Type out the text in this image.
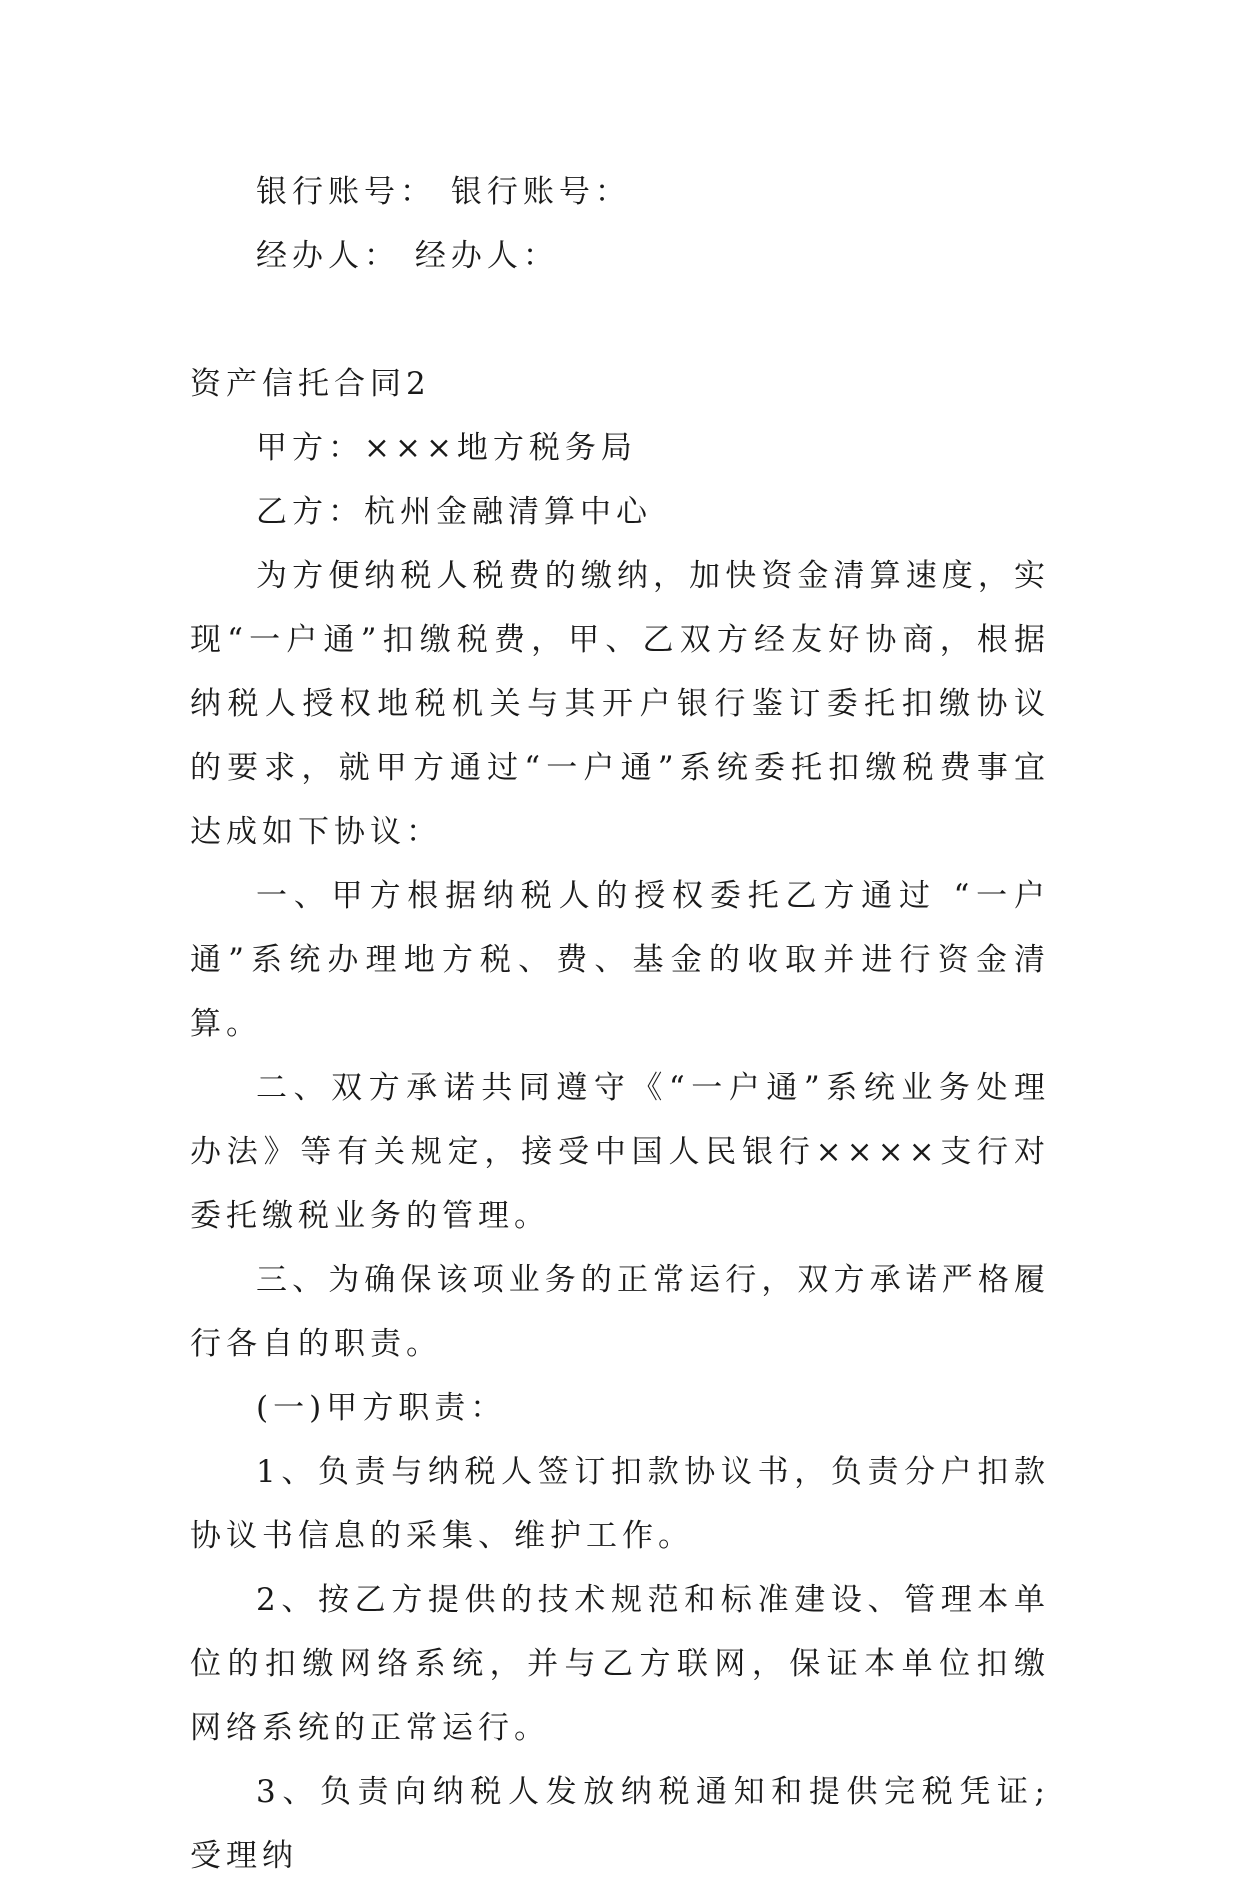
银行账号： 银行账号：

经办人： 经办人：

资产信托合同2

甲方：×××地方税务局

乙方：杭州金融清算中心

为方便纳税人税费的缴纳，加快资金清算速度，实现“一户通”扣缴税费，甲、乙双方经友好协商，根据纳税人授权地税机关与其开户银行鉴订委托扣缴协议的要求，就甲方通过“一户通”系统委托扣缴税费事宜达成如下协议：

一、甲方根据纳税人的授权委托乙方通过 “一户通”系统办理地方税、费、基金的收取并进行资金清算。

二、双方承诺共同遵守《“一户通”系统业务处理办法》等有关规定，接受中国人民银行××××支行对委托缴税业务的管理。

三、为确保该项业务的正常运行，双方承诺严格履行各自的职责。

(一)甲方职责：

1、负责与纳税人签订扣款协议书，负责分户扣款协议书信息的采集、维护工作。

2、按乙方提供的技术规范和标准建设、管理本单位的扣缴网络系统，并与乙方联网，保证本单位扣缴网络系统的正常运行。

3、负责向纳税人发放纳税通知和提供完税凭证;受理纳
